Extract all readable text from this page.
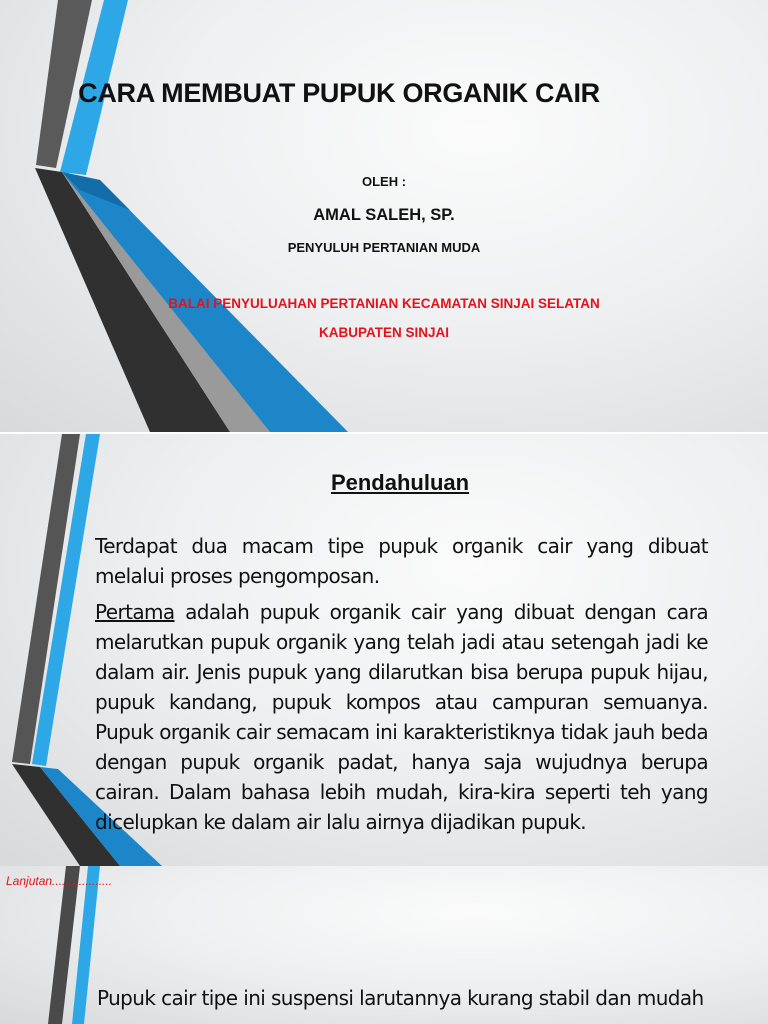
CARA MEMBUAT PUPUK ORGANIK CAIR

OLEH :

AMAL SALEH, SP.

PENYULUH PERTANIAN MUDA

BALAI PENYULUAHAN PERTANIAN KECAMATAN SINJAI SELATAN

KABUPATEN SINJAI

Pendahuluan

Terdapat dua macam tipe pupuk organik cair yang dibuat melalui proses pengomposan.

Pertama adalah pupuk organik cair yang dibuat dengan cara melarutkan pupuk organik yang telah jadi atau setengah jadi ke dalam air. Jenis pupuk yang dilarutkan bisa berupa pupuk hijau, pupuk kandang, pupuk kompos atau campuran semuanya. Pupuk organik cair semacam ini karakteristiknya tidak jauh beda dengan pupuk organik padat, hanya saja wujudnya berupa cairan. Dalam bahasa lebih mudah, kira-kira seperti teh yang dicelupkan ke dalam air lalu airnya dijadikan pupuk.

Lanjutan..................

Pupuk cair tipe ini suspensi larutannya kurang stabil dan mudah
